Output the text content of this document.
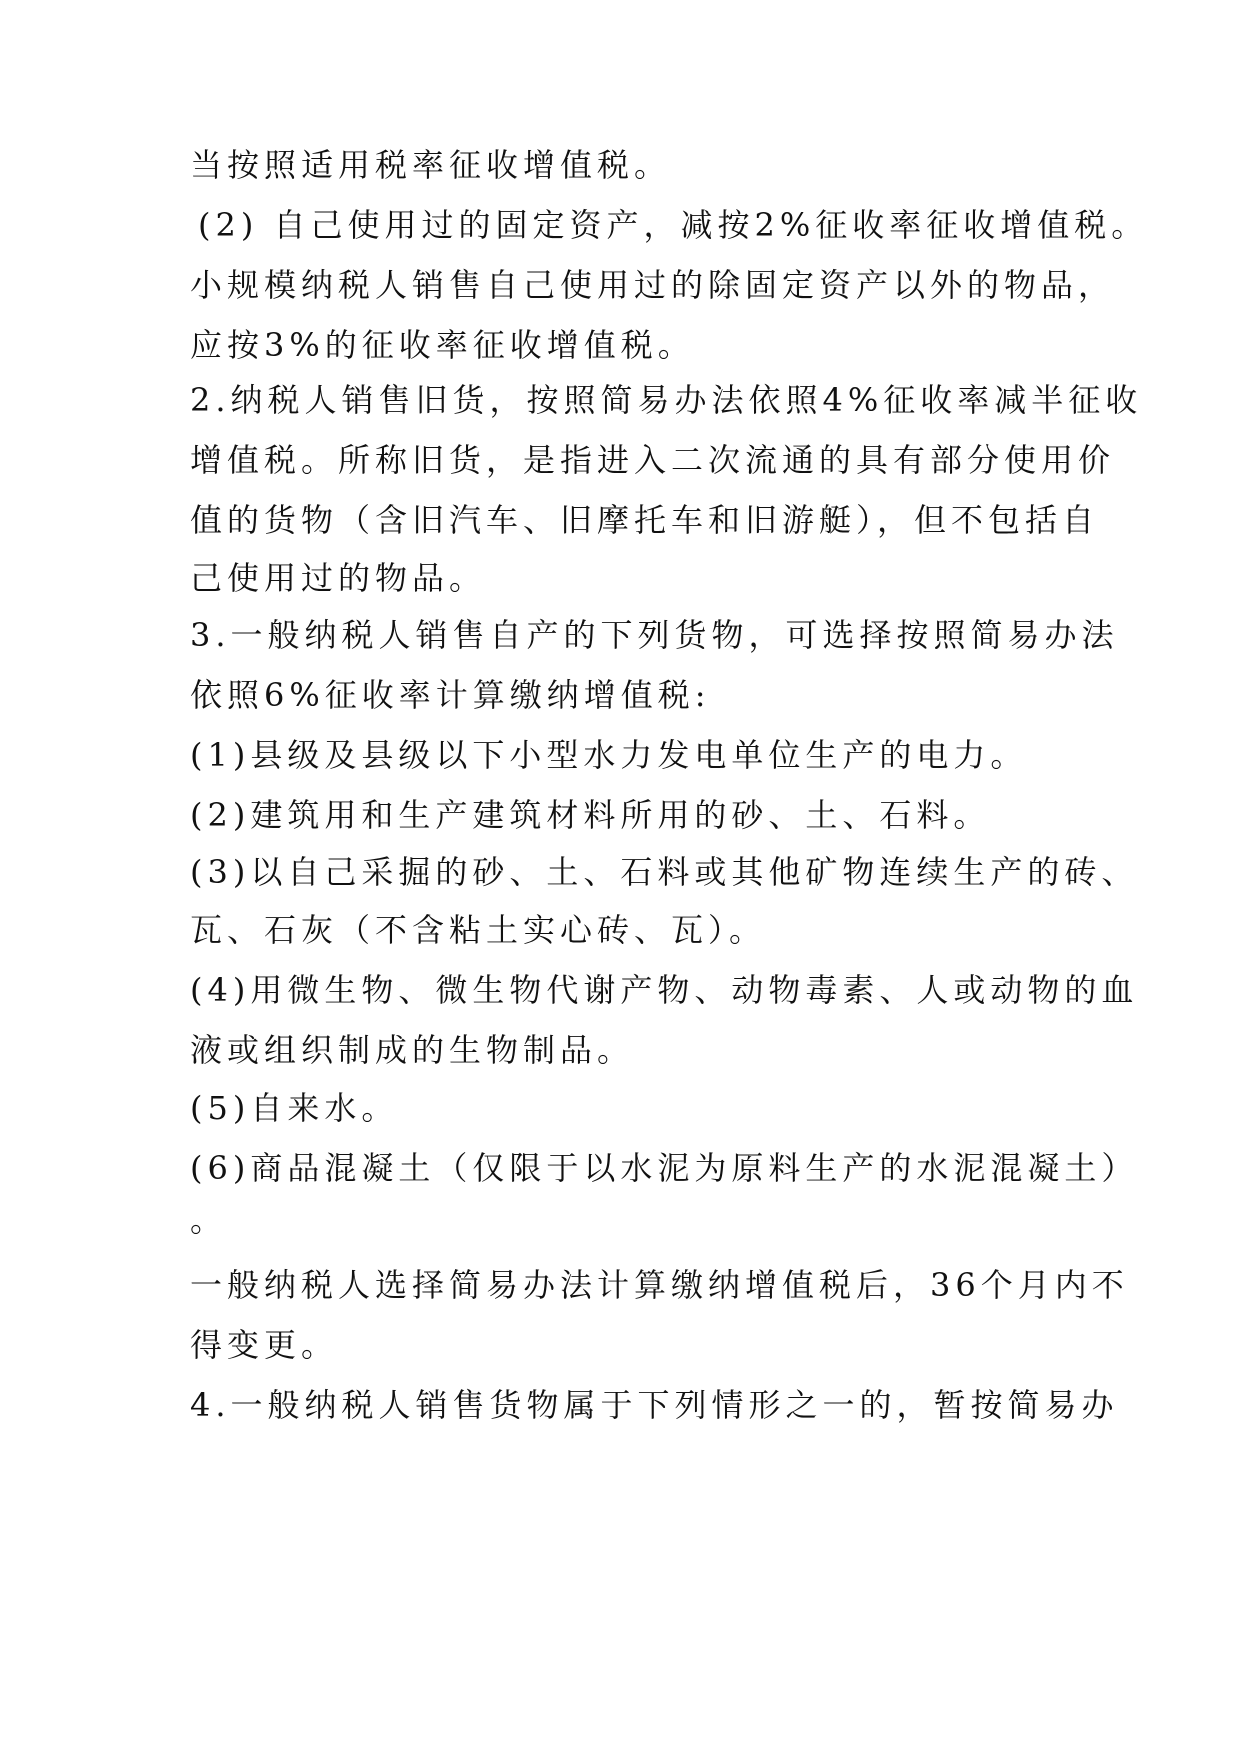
当按照适用税率征收增值税。
(2) 自己使用过的固定资产，减按2%征收率征收增值税。
小规模纳税人销售自己使用过的除固定资产以外的物品，
应按3%的征收率征收增值税。
2.纳税人销售旧货，按照简易办法依照4%征收率减半征收
增值税。所称旧货，是指进入二次流通的具有部分使用价
值的货物（含旧汽车、旧摩托车和旧游艇），但不包括自
己使用过的物品。
3.一般纳税人销售自产的下列货物，可选择按照简易办法
依照6%征收率计算缴纳增值税:
(1)县级及县级以下小型水力发电单位生产的电力。
(2)建筑用和生产建筑材料所用的砂、土、石料。
(3)以自己采掘的砂、土、石料或其他矿物连续生产的砖、
瓦、石灰（不含粘土实心砖、瓦）。
(4)用微生物、微生物代谢产物、动物毒素、人或动物的血
液或组织制成的生物制品。
(5)自来水。
(6)商品混凝土（仅限于以水泥为原料生产的水泥混凝土）
。
一般纳税人选择简易办法计算缴纳增值税后，36个月内不
得变更。
4.一般纳税人销售货物属于下列情形之一的，暂按简易办
